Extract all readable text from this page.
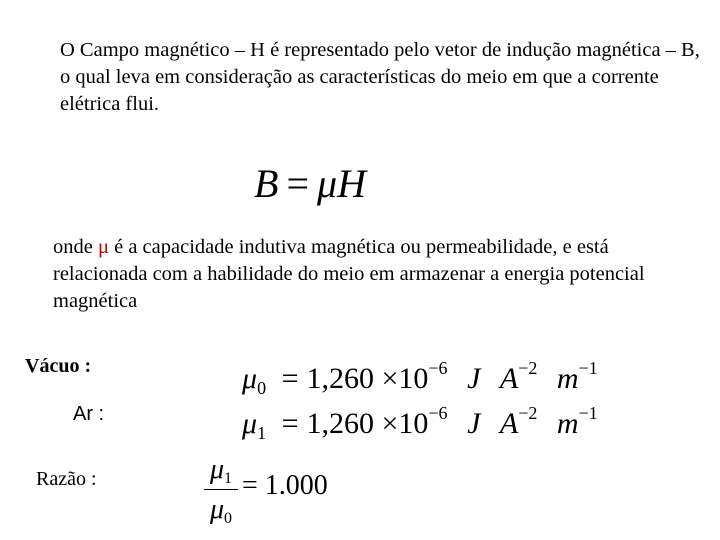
O Campo magnético – H é representado pelo vetor de indução magnética – B, o qual leva em consideração as características do meio em que a corrente elétrica flui.

B = μH

onde μ é a capacidade indutiva magnética ou permeabilidade, e está relacionada com a habilidade do meio em armazenar a energia potencial magnética

Vácuo :	$\mu_0 = 1,260 \times 10^{-6}$ J $A^{-2}$ $m^{-1}$
Ar :	$\mu_1 = 1,260 \times 10^{-6}$ J $A^{-2}$ $m^{-1}$
Razão :	$\mu_1$
$\mu_0$
= 1.000
